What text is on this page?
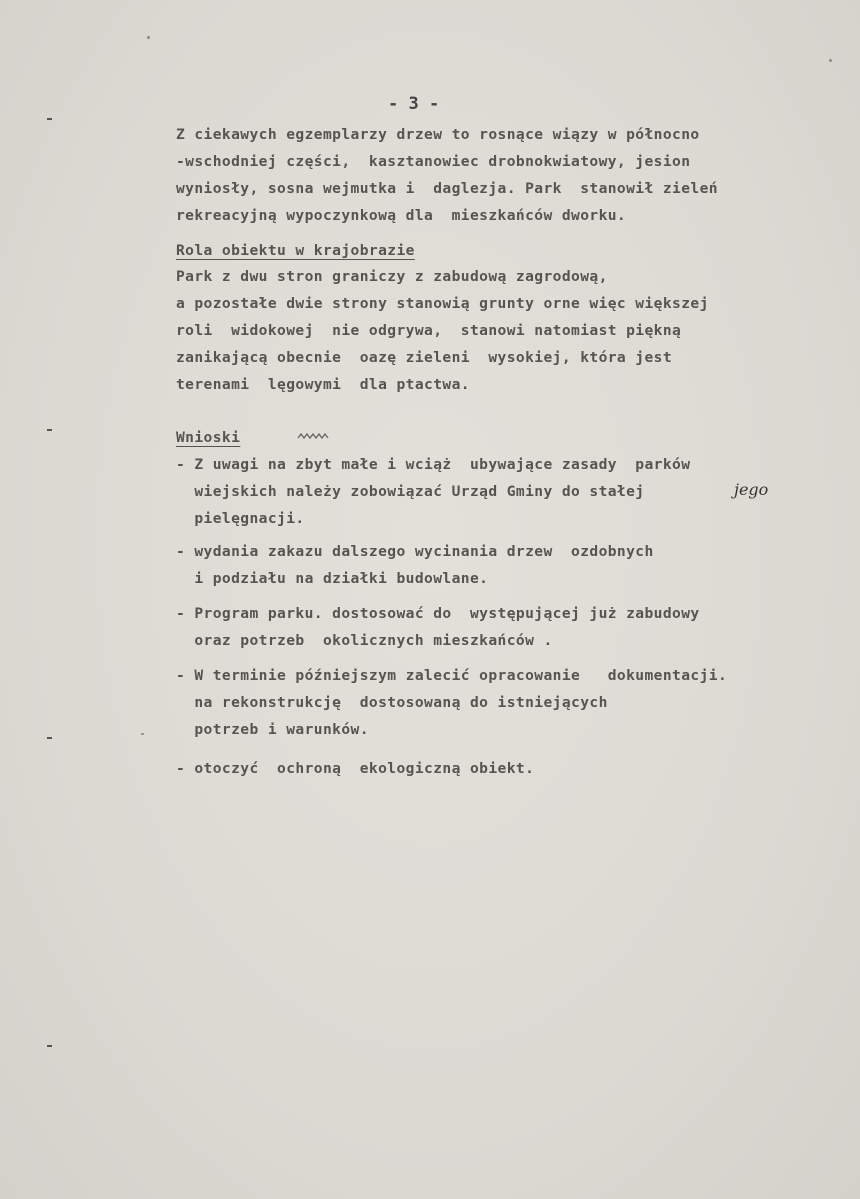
- 3 -
Z ciekawych egzemplarzy drzew to rosnące wiązy w północno
-wschodniej części,  kasztanowiec drobnokwiatowy, jesion
wyniosły, sosna wejmutka i  daglezja. Park  stanowił zieleń
rekreacyjną wypoczynkową dla  mieszkańców dworku.
Rola obiektu w krajobrazie
Park z dwu stron graniczy z zabudową zagrodową,
a pozostałe dwie strony stanowią grunty orne więc większej
roli  widokowej  nie odgrywa,  stanowi natomiast piękną
zanikającą obecnie  oazę zieleni  wysokiej, która jest
terenami  lęgowymi  dla ptactwa.
Wnioski
- Z uwagi na zbyt małe i wciąż  ubywające zasady  parków
wiejskich należy zobowiązać Urząd Gminy do stałej	jego
pielęgnacji.
- wydania zakazu dalszego wycinania drzew  ozdobnych
i podziału na działki budowlane.
- Program parku. dostosować do  występującej już zabudowy
oraz potrzeb  okolicznych mieszkańców .
- W terminie późniejszym zalecić opracowanie   dokumentacji.
na rekonstrukcję  dostosowaną do istniejących
potrzeb i warunków.
- otoczyć  ochroną  ekologiczną obiekt.
